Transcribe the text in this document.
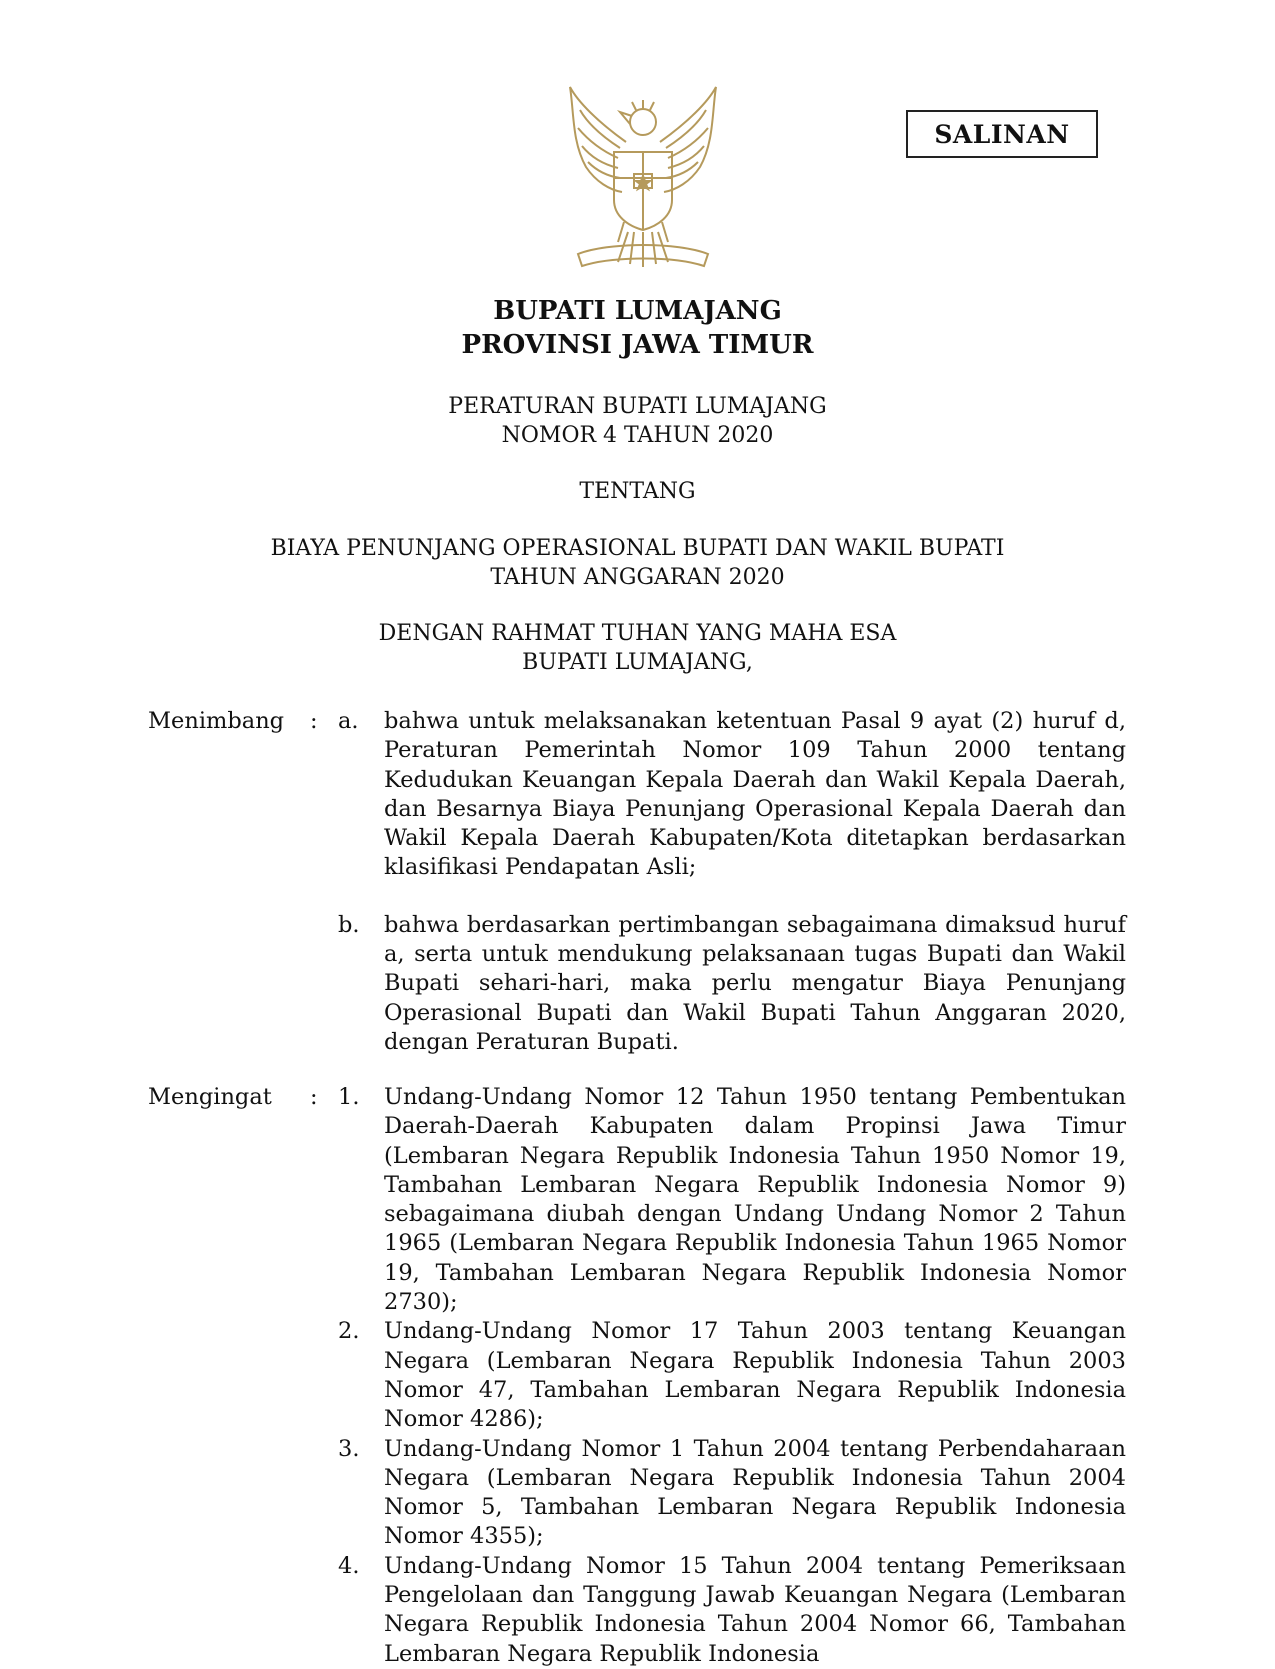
SALINAN
BUPATI LUMAJANG
PROVINSI JAWA TIMUR
PERATURAN BUPATI LUMAJANG
NOMOR 4 TAHUN 2020
TENTANG
BIAYA PENUNJANG OPERASIONAL BUPATI DAN WAKIL BUPATI
TAHUN ANGGARAN 2020
DENGAN RAHMAT TUHAN YANG MAHA ESA
BUPATI LUMAJANG,
Menimbang : a. bahwa untuk melaksanakan ketentuan Pasal 9 ayat (2) huruf d, Peraturan Pemerintah Nomor 109 Tahun 2000 tentang Kedudukan Keuangan Kepala Daerah dan Wakil Kepala Daerah, dan Besarnya Biaya Penunjang Operasional Kepala Daerah dan Wakil Kepala Daerah Kabupaten/Kota ditetapkan berdasarkan klasifikasi Pendapatan Asli;
b. bahwa berdasarkan pertimbangan sebagaimana dimaksud huruf a, serta untuk mendukung pelaksanaan tugas Bupati dan Wakil Bupati sehari-hari, maka perlu mengatur Biaya Penunjang Operasional Bupati dan Wakil Bupati Tahun Anggaran 2020, dengan Peraturan Bupati.
Mengingat : 1. Undang-Undang Nomor 12 Tahun 1950 tentang Pembentukan Daerah-Daerah Kabupaten dalam Propinsi Jawa Timur (Lembaran Negara Republik Indonesia Tahun 1950 Nomor 19, Tambahan Lembaran Negara Republik Indonesia Nomor 9) sebagaimana diubah dengan Undang Undang Nomor 2 Tahun 1965 (Lembaran Negara Republik Indonesia Tahun 1965 Nomor 19, Tambahan Lembaran Negara Republik Indonesia Nomor 2730);
2. Undang-Undang Nomor 17 Tahun 2003 tentang Keuangan Negara (Lembaran Negara Republik Indonesia Tahun 2003 Nomor 47, Tambahan Lembaran Negara Republik Indonesia Nomor 4286);
3. Undang-Undang Nomor 1 Tahun 2004 tentang Perbendaharaan Negara (Lembaran Negara Republik Indonesia Tahun 2004 Nomor 5, Tambahan Lembaran Negara Republik Indonesia Nomor 4355);
4. Undang-Undang Nomor 15 Tahun 2004 tentang Pemeriksaan Pengelolaan dan Tanggung Jawab Keuangan Negara (Lembaran Negara Republik Indonesia Tahun 2004 Nomor 66, Tambahan Lembaran Negara Republik Indonesia
